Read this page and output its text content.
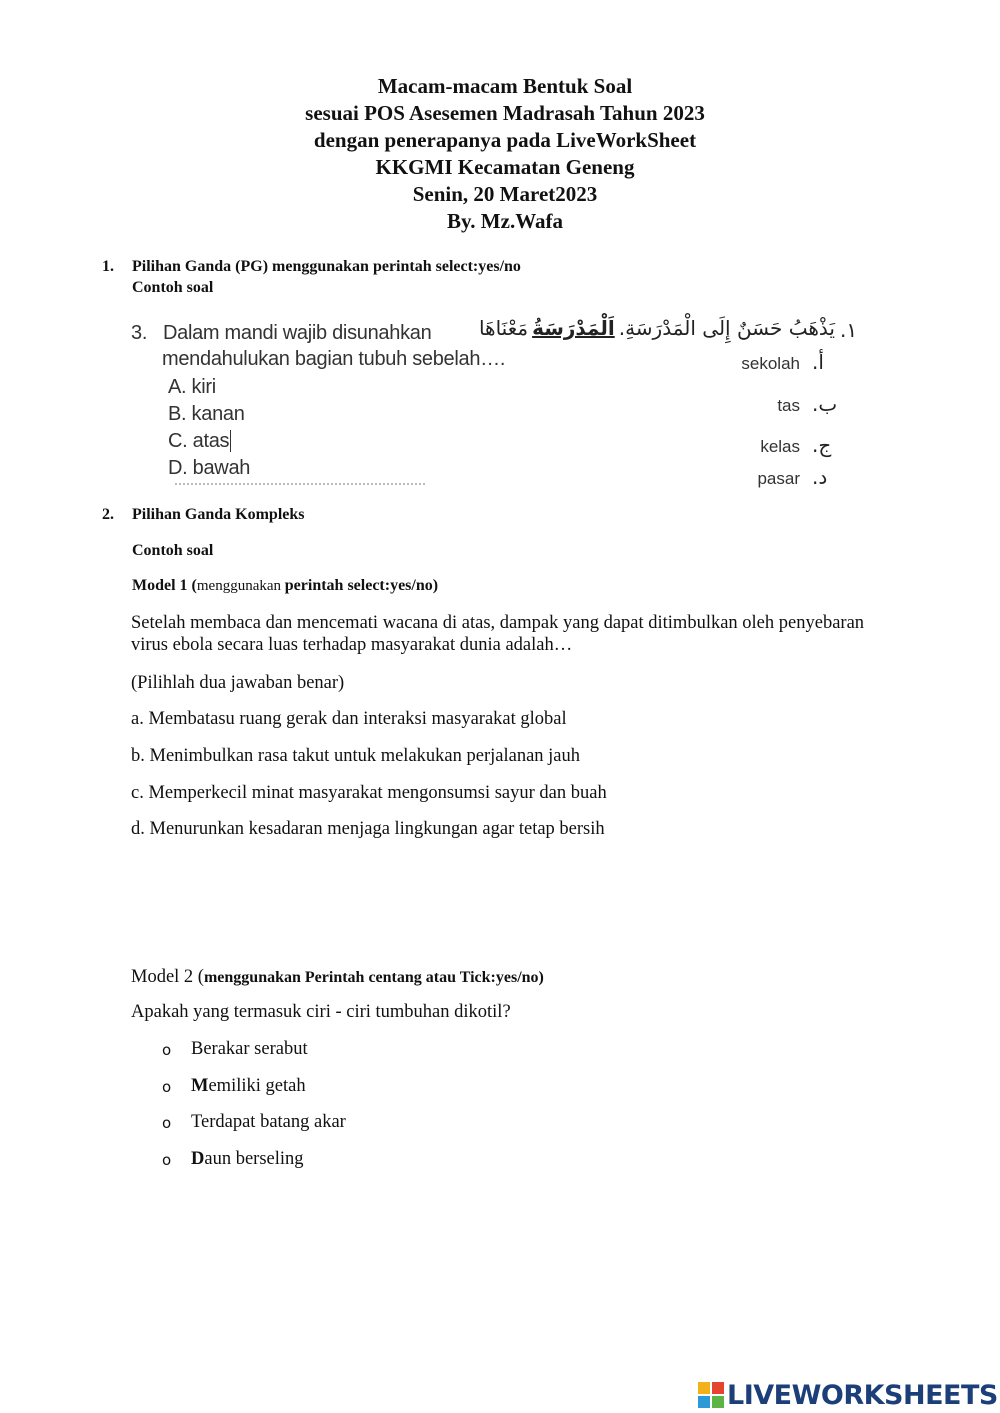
Macam-macam Bentuk Soal
sesuai POS Asesemen Madrasah Tahun 2023
dengan penerapanya pada LiveWorkSheet
KKGMI Kecamatan Geneng
Senin, 20 Maret2023
By. Mz.Wafa
1. Pilihan Ganda (PG) menggunakan perintah select:yes/no
Contoh soal
3. Dalam mandi wajib disunahkan
mendahulukan bagian tubuh sebelah….
A. kiri
B. kanan
C. atas
D. bawah
١.
يَذْهَبُ حَسَنٌ إِلَى الْمَدْرَسَةِ. اَلْمَدْرَسَةُ مَعْنَاهَا
sekolah أ.
tas ب.
kelas ج.
pasar د.
2. Pilihan Ganda Kompleks
Contoh soal
Model 1 (menggunakan perintah select:yes/no)
Setelah membaca dan mencemati wacana di atas, dampak yang dapat ditimbulkan oleh penyebaran
virus ebola secara luas terhadap masyarakat dunia adalah…
(Pilihlah dua jawaban benar)
a. Membatasu ruang gerak dan interaksi masyarakat global
b. Menimbulkan rasa takut untuk melakukan perjalanan jauh
c. Memperkecil minat masyarakat mengonsumsi sayur dan buah
d. Menurunkan kesadaran menjaga lingkungan agar tetap bersih
Model 2 (menggunakan Perintah centang atau Tick:yes/no)
Apakah yang termasuk ciri - ciri tumbuhan dikotil?
o Berakar serabut
o Memiliki getah
o Terdapat batang akar
o Daun berseling
LIVEWORKSHEETS
